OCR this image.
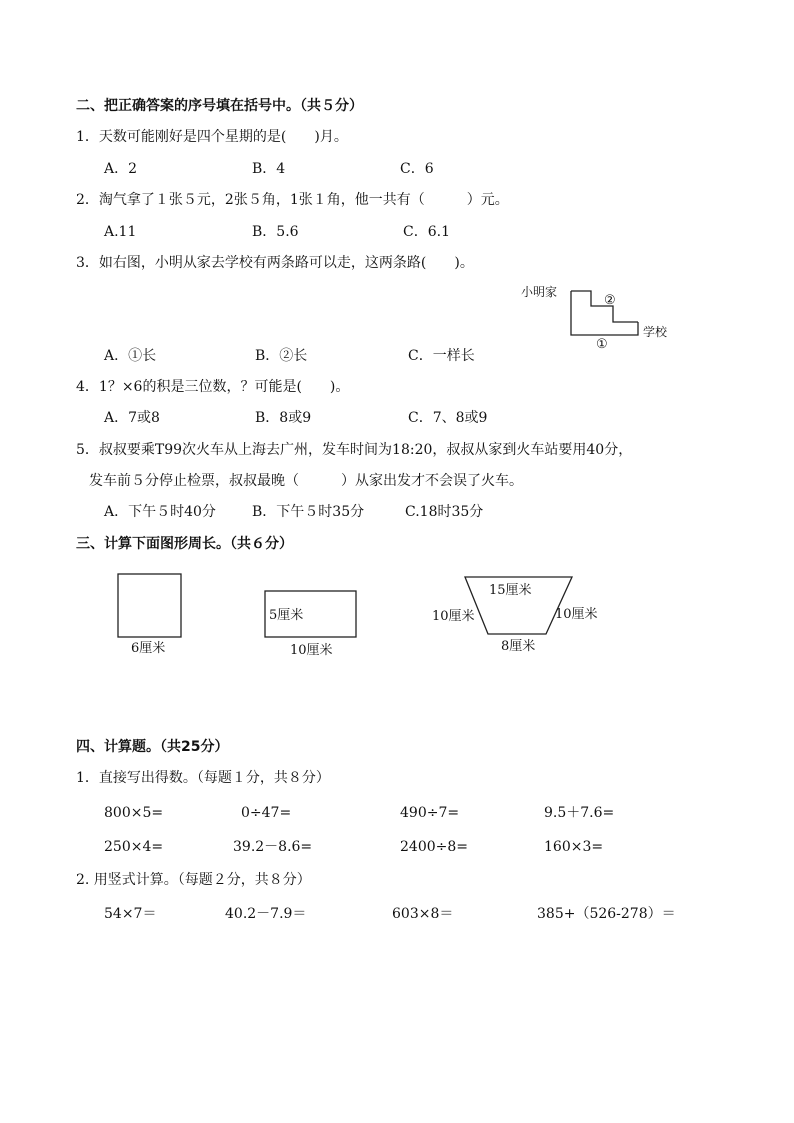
二、把正确答案的序号填在括号中。（共５分）
1．天数可能刚好是四个星期的是(　　)月。
A．2	B．4	C．6
2．淘气拿了１张５元，2张５角，1张１角，他一共有（　　　）元。
A.11	B．5.6	C．6.1
3．如右图，小明从家去学校有两条路可以走，这两条路(　　)。
小明家
②
①
学校
A．①长	B．②长	C．一样长
4．1？×6的积是三位数，？可能是(　　)。
A．7或8	B．8或9	C．7、8或9
5．叔叔要乘T99次火车从上海去广州，发车时间为18:20，叔叔从家到火车站要用40分，
发车前５分停止检票，叔叔最晚（　　　）从家出发才不会误了火车。
A．下午５时40分	B．下午５时35分	C.18时35分
三、计算下面图形周长。（共６分）
6厘米
5厘米
10厘米
15厘米
10厘米	10厘米
8厘米
四、计算题。（共25分）
1．直接写出得数。（每题１分，共８分）
800×5=	0÷47=	490÷7=	9.5＋7.6=
250×4=	39.2－8.6=	2400÷8=	160×3=
2. 用竖式计算。（每题２分，共８分）
54×7＝	40.2－7.9＝	603×8＝	385+（526-278）＝
